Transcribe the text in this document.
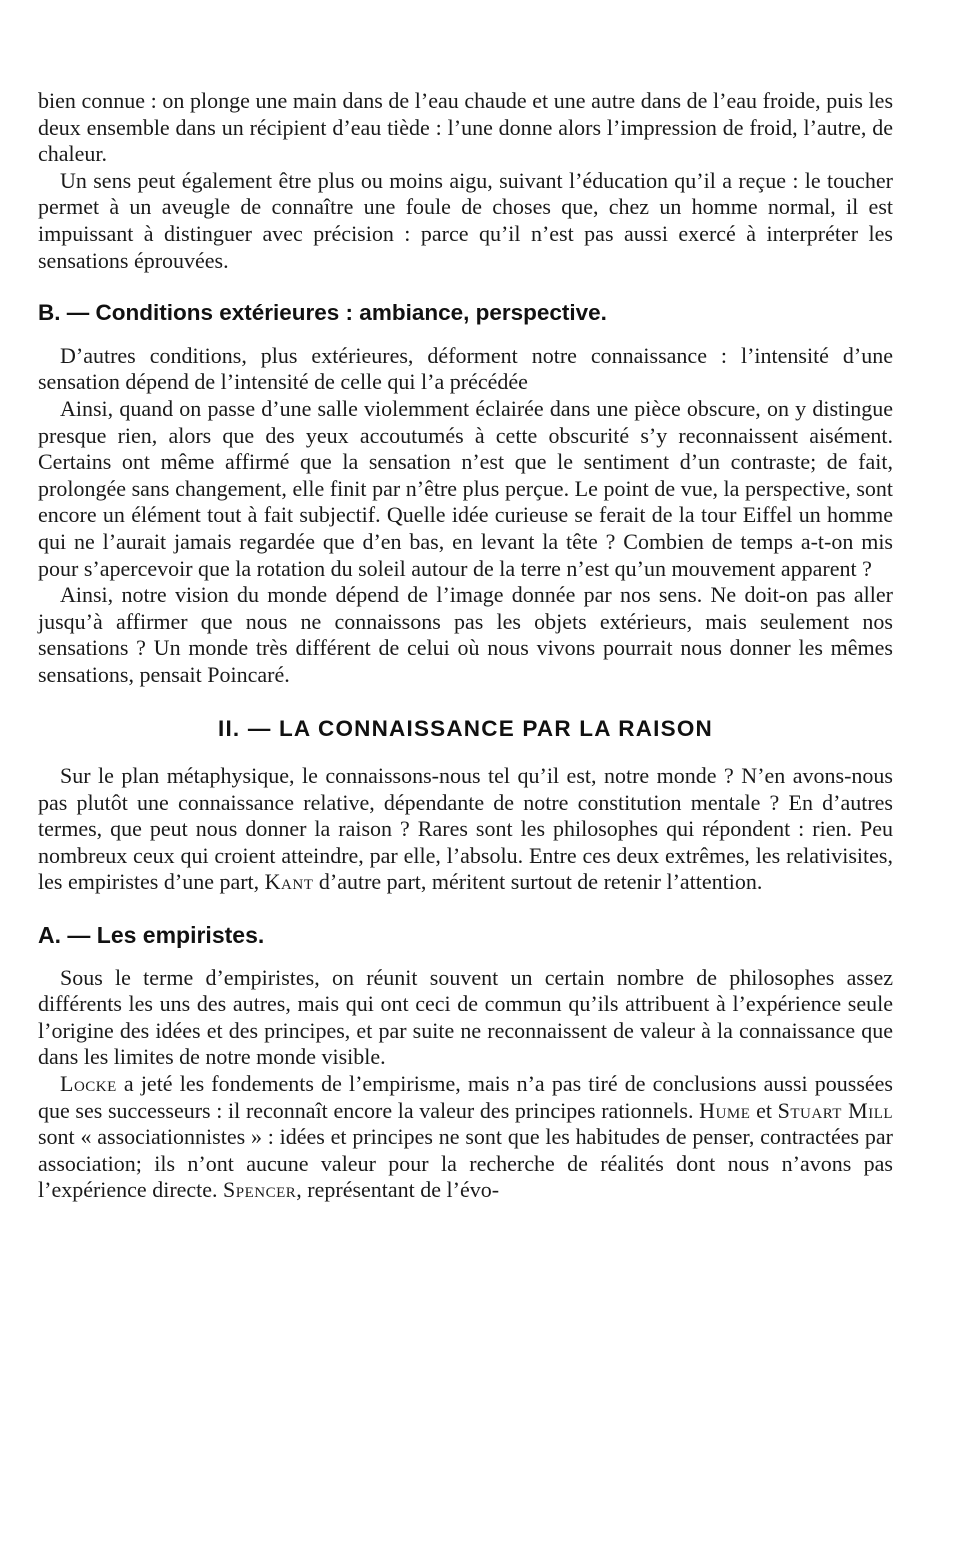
bien connue : on plonge une main dans de l’eau chaude et une autre dans de l’eau froide, puis les deux ensemble dans un récipient d’eau tiède : l’une donne alors l’impression de froid, l’autre, de chaleur.

Un sens peut également être plus ou moins aigu, suivant l’éducation qu’il a reçue : le toucher permet à un aveugle de connaître une foule de choses que, chez un homme normal, il est impuissant à distinguer avec précision : parce qu’il n’est pas aussi exercé à interpréter les sensations éprouvées.

B. — Conditions extérieures : ambiance, perspective.

D’autres conditions, plus extérieures, déforment notre connaissance : l’intensité d’une sensation dépend de l’intensité de celle qui l’a précédée

Ainsi, quand on passe d’une salle violemment éclairée dans une pièce obscure, on y distingue presque rien, alors que des yeux accoutumés à cette obscurité s’y reconnaissent aisément. Certains ont même affirmé que la sensation n’est que le sentiment d’un contraste; de fait, prolongée sans changement, elle finit par n’être plus perçue. Le point de vue, la perspective, sont encore un élément tout à fait subjectif. Quelle idée curieuse se ferait de la tour Eiffel un homme qui ne l’aurait jamais regardée que d’en bas, en levant la tête ? Combien de temps a-t-on mis pour s’apercevoir que la rotation du soleil autour de la terre n’est qu’un mouvement apparent ?

Ainsi, notre vision du monde dépend de l’image donnée par nos sens. Ne doit-on pas aller jusqu’à affirmer que nous ne connaissons pas les objets extérieurs, mais seulement nos sensations ? Un monde très différent de celui où nous vivons pourrait nous donner les mêmes sensations, pensait Poincaré.

II. — LA CONNAISSANCE PAR LA RAISON

Sur le plan métaphysique, le connaissons-nous tel qu’il est, notre monde ? N’en avons-nous pas plutôt une connaissance relative, dépendante de notre constitution mentale ? En d’autres termes, que peut nous donner la raison ? Rares sont les philosophes qui répondent : rien. Peu nombreux ceux qui croient atteindre, par elle, l’absolu. Entre ces deux extrêmes, les relativisites, les empiristes d’une part, Kant d’autre part, méritent surtout de retenir l’attention.

A. — Les empiristes.

Sous le terme d’empiristes, on réunit souvent un certain nombre de philosophes assez différents les uns des autres, mais qui ont ceci de commun qu’ils attribuent à l’expérience seule l’origine des idées et des principes, et par suite ne reconnaissent de valeur à la connaissance que dans les limites de notre monde visible.

Locke a jeté les fondements de l’empirisme, mais n’a pas tiré de conclusions aussi poussées que ses successeurs : il reconnaît encore la valeur des principes rationnels. Hume et Stuart Mill sont « associationnistes » : idées et principes ne sont que les habitudes de penser, contractées par association; ils n’ont aucune valeur pour la recherche de réalités dont nous n’avons pas l’expérience directe. Spencer, représentant de l’évo-
